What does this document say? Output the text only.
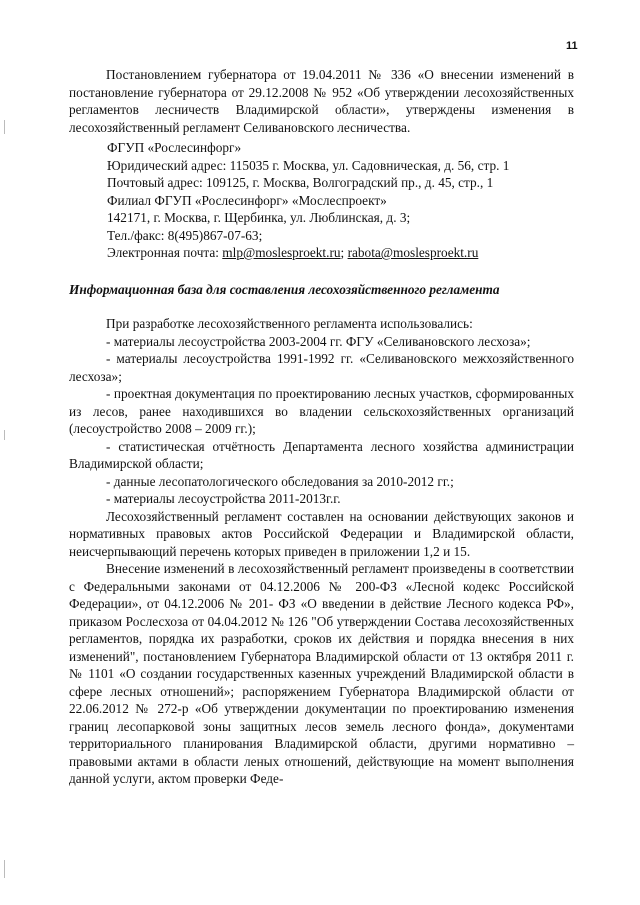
11

Постановлением губернатора от 19.04.2011 № 336 «О внесении изменений в постановление губернатора от 29.12.2008 № 952 «Об утверждении лесохозяйственных регламентов лесничеств Владимирской области», утверждены изменения в лесохозяйственный регламент Селивановского лесничества.

ФГУП «Рослесинфорг»

Юридический адрес: 115035 г. Москва, ул. Садовническая, д. 56, стр. 1

Почтовый адрес: 109125, г. Москва, Волгоградский пр., д. 45, стр., 1

Филиал ФГУП «Рослесинфорг» «Мослеспроект»

142171, г. Москва, г. Щербинка, ул. Люблинская, д. 3;

Тел./факс: 8(495)867-07-63;

Электронная почта: mlp@moslesproekt.ru; rabota@moslesproekt.ru

Информационная база для составления лесохозяйственного регламента

При разработке лесохозяйственного регламента использовались:

- материалы лесоустройства 2003-2004 гг. ФГУ «Селивановского лесхоза»;

- материалы лесоустройства 1991-1992 гг. «Селивановского межхозяйственного лесхоза»;

- проектная документация по проектированию лесных участков, сформированных из лесов, ранее находившихся во владении сельскохозяйственных организаций (лесоустройство 2008 – 2009 гг.);

- статистическая отчётность Департамента лесного хозяйства администрации Владимирской области;

- данные лесопатологического обследования за 2010-2012 гг.;

- материалы лесоустройства 2011-2013г.г.

Лесохозяйственный регламент составлен на основании действующих законов и нормативных правовых актов Российской Федерации и Владимирской области, неисчерпывающий перечень которых приведен в приложении 1,2 и 15.

Внесение изменений в лесохозяйственный регламент произведены в соответствии с Федеральными законами от 04.12.2006 № 200-ФЗ «Лесной кодекс Российской Федерации», от 04.12.2006 № 201- ФЗ «О введении в действие Лесного кодекса РФ», приказом Рослесхоза от 04.04.2012 № 126 "Об утверждении Состава лесохозяйственных регламентов, порядка их разработки, сроков их действия и порядка внесения в них изменений", постановлением Губернатора Владимирской области от 13 октября 2011 г. № 1101 «О создании государственных казенных учреждений Владимирской области в сфере лесных отношений»; распоряжением Губернатора Владимирской области от 22.06.2012 № 272-р «Об утверждении документации по проектированию изменения границ лесопарковой зоны защитных лесов земель лесного фонда», документами территориального планирования Владимирской области, другими нормативно – правовыми актами в области леных отношений, действующие на момент выполнения данной услуги, актом проверки Феде-
